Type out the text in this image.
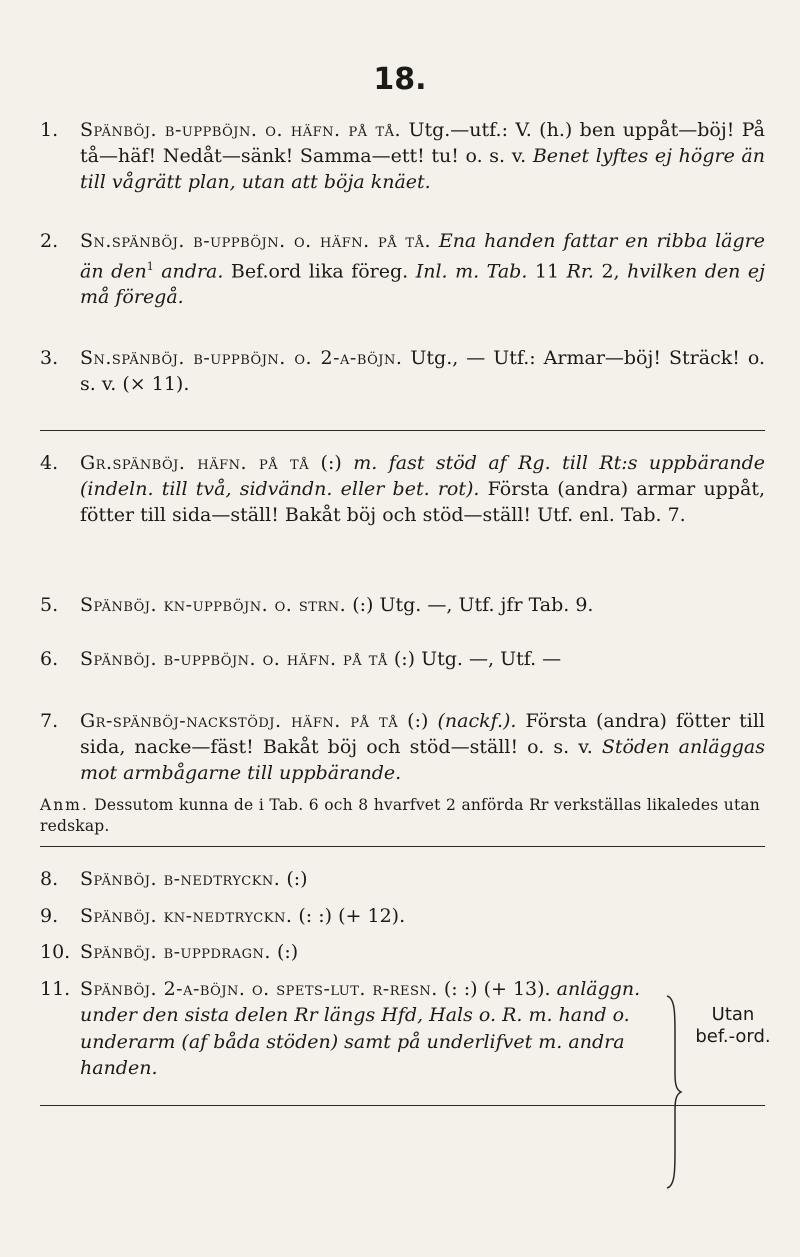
18.
1. Spänböj. b-uppböjn. o. häfn. på tå. Utg.—utf.: V. (h.) ben uppåt—böj! På tå—häf! Nedåt—sänk! Samma—ett! tu! o. s. v. Benet lyftes ej högre än till vågrätt plan, utan att böja knäet.
2. Sn.spänböj. b-uppböjn. o. häfn. på tå. Ena handen fattar en ribba lägre än den$^1$ andra. Bef.ord lika föreg. Inl. m. Tab. 11 Rr. 2, hvilken den ej må föregå.
3. Sn.spänböj. b-uppböjn. o. 2-a-böjn. Utg., — Utf.: Armar—böj! Sträck! o. s. v. (× 11).
4. Gr.spänböj. häfn. på tå (:) m. fast stöd af Rg. till Rt:s uppbärande (indeln. till två, sidvändn. eller bet. rot). Första (andra) armar uppåt, fötter till sida—ställ! Bakåt böj och stöd—ställ! Utf. enl. Tab. 7.
5. Spänböj. kn-uppböjn. o. strn. (:) Utg. —, Utf. jfr Tab. 9.
6. Spänböj. b-uppböjn. o. häfn. på tå (:) Utg. —, Utf. —
7. Gr-spänböj-nackstödj. häfn. på tå (:) (nackf.). Första (andra) fötter till sida, nacke—fäst! Bakåt böj och stöd—ställ! o. s. v. Stöden anläggas mot armbågarne till uppbärande.
Anm. Dessutom kunna de i Tab. 6 och 8 hvarfvet 2 anförda Rr verkställas likaledes utan redskap.
8. Spänböj. b-nedtryckn. (:)
9. Spänböj. kn-nedtryckn. (: :) (+ 12).
10. Spänböj. b-uppdragn. (:)
11. Spänböj. 2-a-böjn. o. spets-lut. r-resn. (: :) (+ 13). anläggn. under den sista delen Rr längs Hfd, Hals o. R. m. hand o. underarm (af båda stöden) samt på underlifvet m. andra handen.
Utan
bef.-ord.
